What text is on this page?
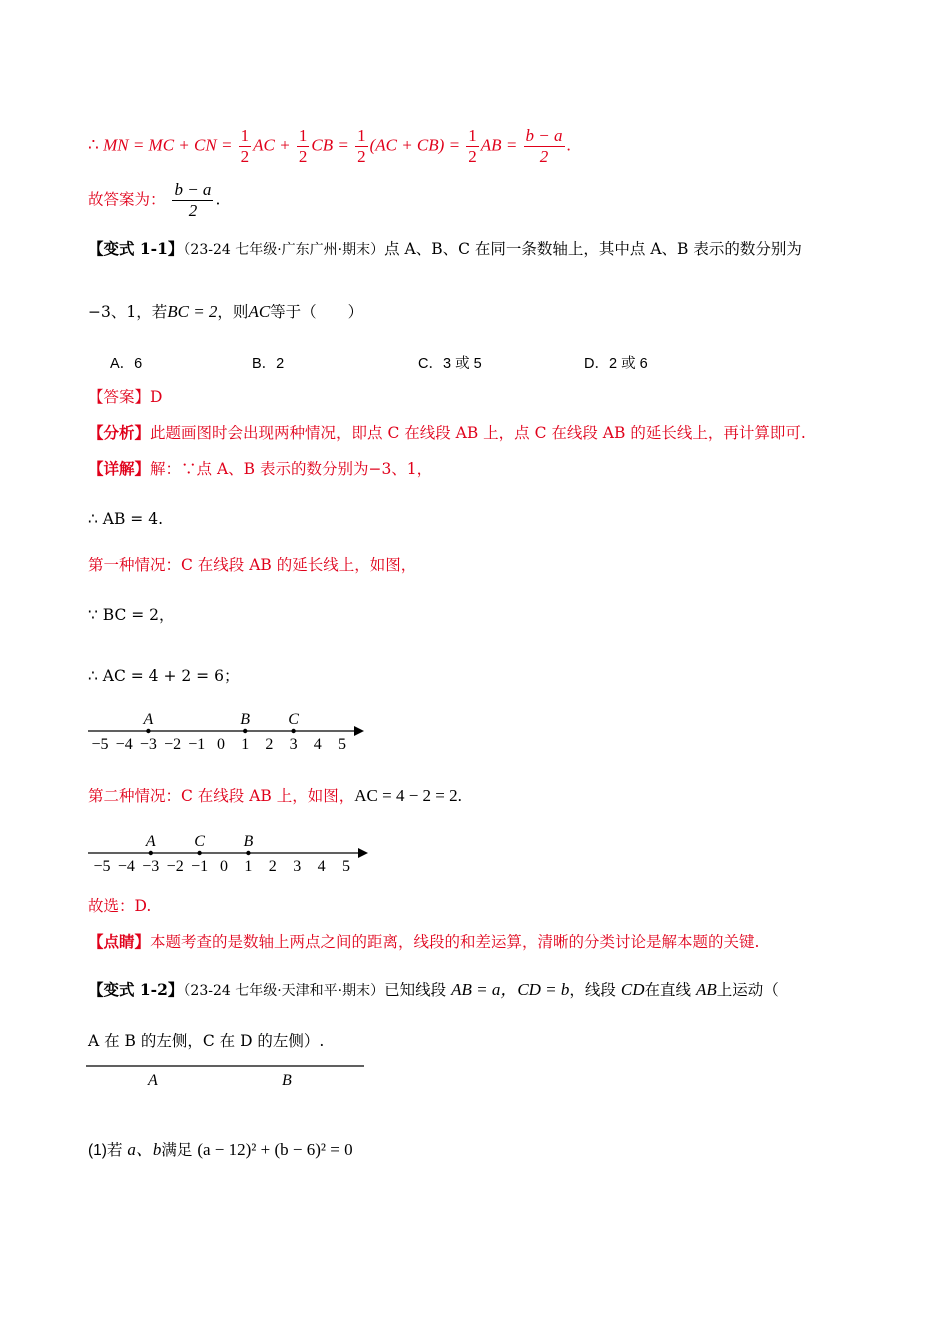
∴ MN = MC + CN = $\frac{1}{2}$ AC + $\frac{1}{2}$ CB = $\frac{1}{2} (AC + CB) = \frac{1}{2}$ AB = $\frac{b - a}{2}$ .
故答案为： $\frac{b - a}{2}$ .
【变式 1-1】（23-24 七年级·广东广州·期末）点 A、B、C 在同一条数轴上，其中点 A、B 表示的数分别为
−3、1，若BC = 2，则AC等于（　　）
A．6	B．2	C．3 或 5	D．2 或 6
【答案】D
【分析】此题画图时会出现两种情况，即点 C 在线段 AB 上，点 C 在线段 AB 的延长线上，再计算即可.
【详解】解：∵点 A、B 表示的数分别为−3、1，
∴ AB = 4.
第一种情况：C 在线段 AB 的延长线上，如图，
∵ BC = 2，
∴ AC = 4 + 2 = 6；
−5 −4 −3 −2 −1 0 1 2 3 4 5
A	B C
第二种情况：C 在线段 AB 上，如图，AC = 4 − 2 = 2.
−5 −4 −3 −2 −1 0 1 2 3 4 5
A C B
故选：D.
【点睛】本题考查的是数轴上两点之间的距离，线段的和差运算，清晰的分类讨论是解本题的关键.
【变式 1-2】（23-24 七年级·天津和平·期末）已知线段 AB = a，CD = b，线段 CD在直线 AB上运动（
A 在 B 的左侧，C 在 D 的左侧）.
A	B
(1)若 a、b满足 (a − 12)² + (b − 6)² = 0
